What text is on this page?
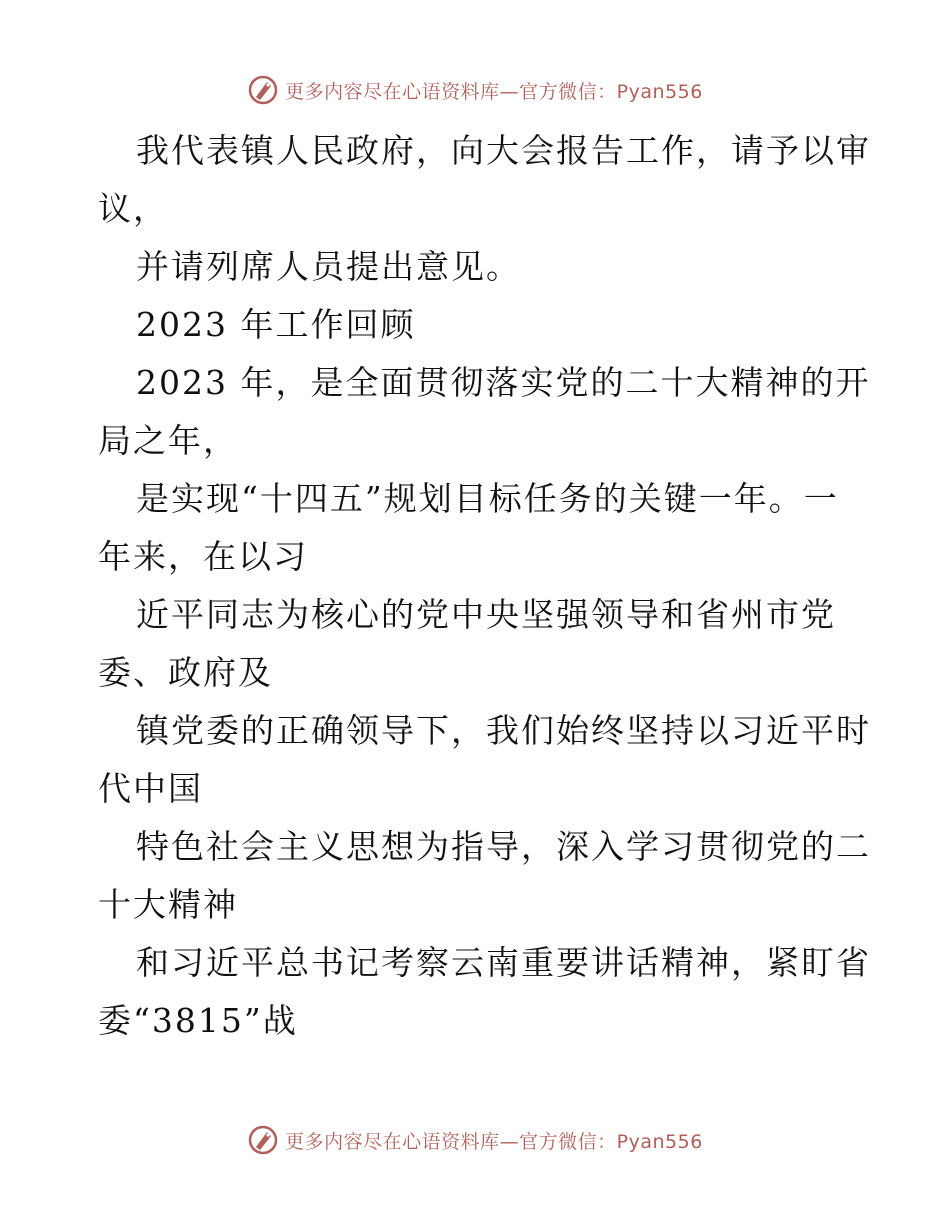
更多内容尽在心语资料库—官方微信：Pyan556
我代表镇人民政府，向大会报告工作，请予以审
议，
并请列席人员提出意见。
2023 年工作回顾
2023 年，是全面贯彻落实党的二十大精神的开
局之年，
是实现“十四五”规划目标任务的关键一年。一
年来，在以习
近平同志为核心的党中央坚强领导和省州市党
委、政府及
镇党委的正确领导下，我们始终坚持以习近平时
代中国
特色社会主义思想为指导，深入学习贯彻党的二
十大精神
和习近平总书记考察云南重要讲话精神，紧盯省
委“3815”战
更多内容尽在心语资料库—官方微信：Pyan556
